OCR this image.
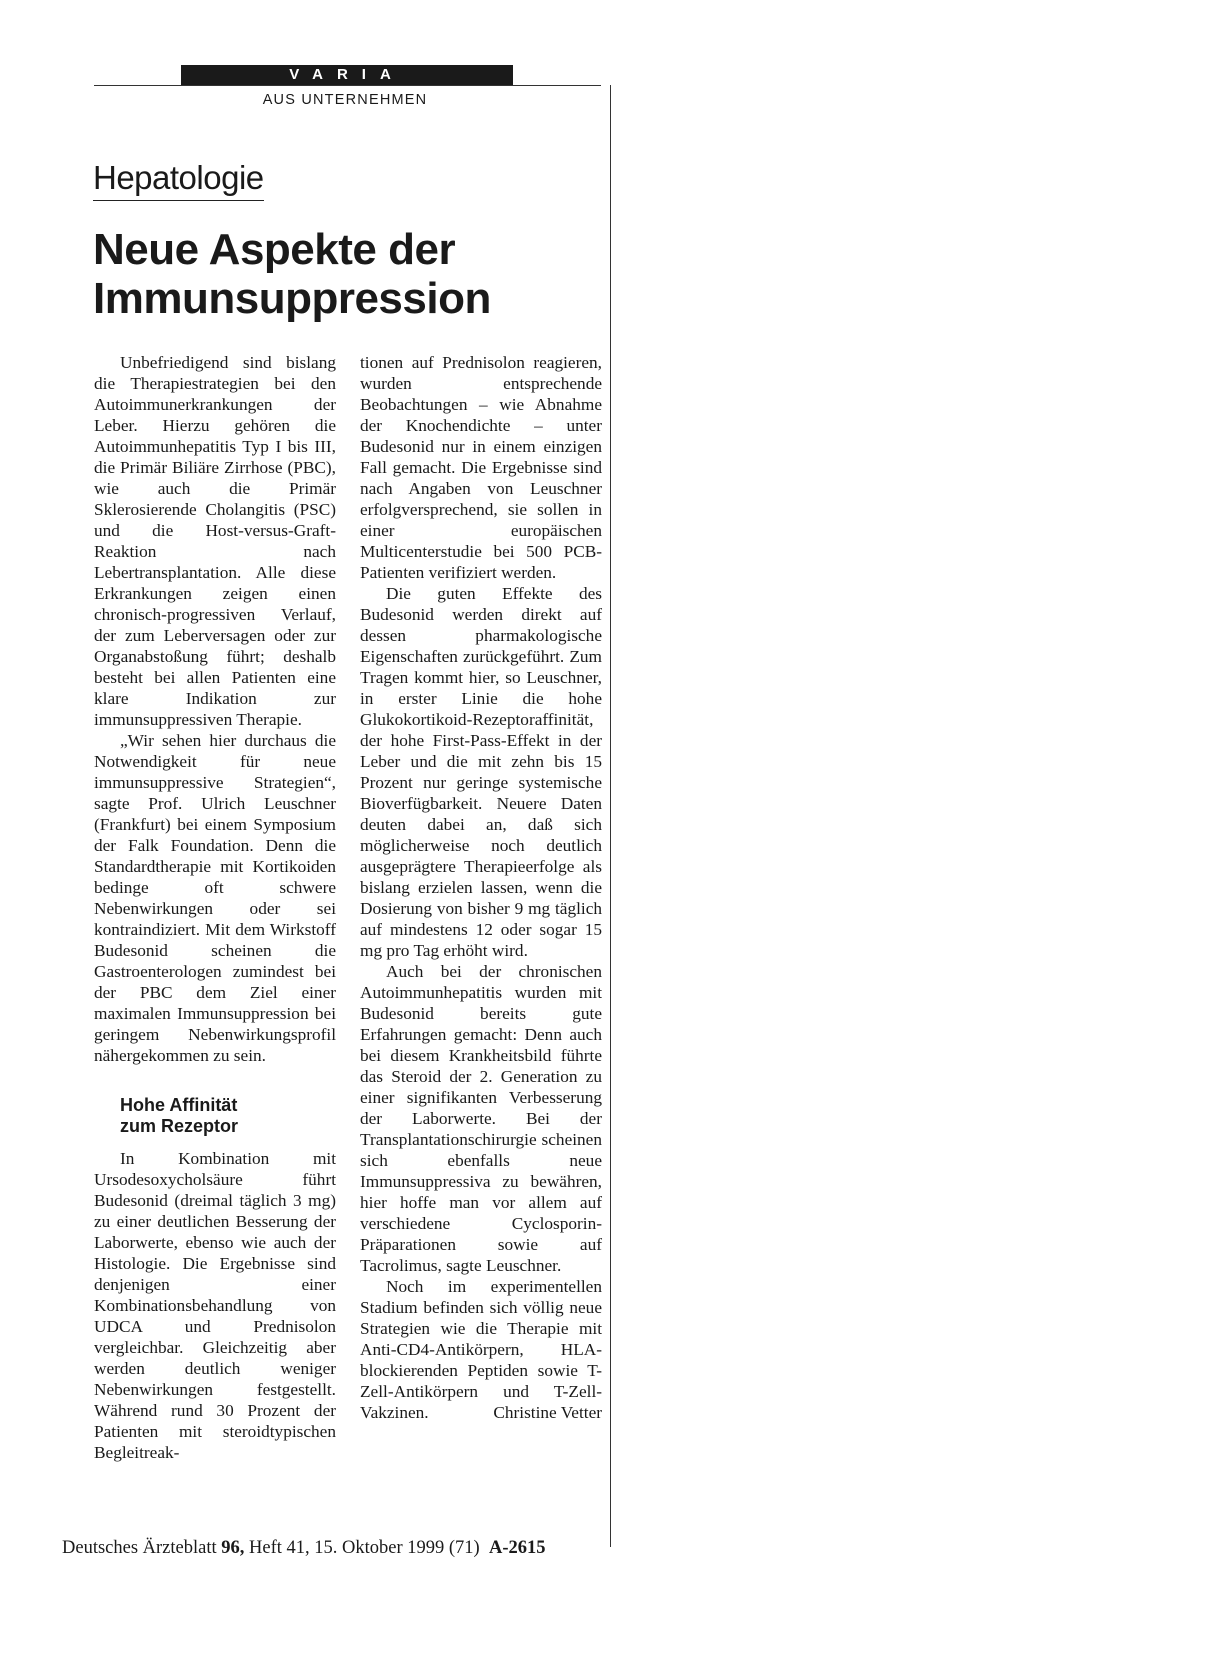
VARIA
AUS UNTERNEHMEN
Hepatologie
Neue Aspekte der
Immunsuppression

Unbefriedigend sind bislang die Therapiestrategien bei den Autoimmunerkrankungen der Leber. Hierzu gehören die Autoimmunhepatitis Typ I bis III, die Primär Biliäre Zirrhose (PBC), wie auch die Primär Sklerosierende Cholangitis (PSC) und die Host-versus-Graft-Reaktion nach Lebertransplantation. Alle diese Erkrankungen zeigen einen chronisch-progressiven Verlauf, der zum Leberversagen oder zur Organabstoßung führt; deshalb besteht bei allen Patienten eine klare Indikation zur immunsuppressiven Therapie.

„Wir sehen hier durchaus die Notwendigkeit für neue immunsuppressive Strategien“, sagte Prof. Ulrich Leuschner (Frankfurt) bei einem Symposium der Falk Foundation. Denn die Standardtherapie mit Kortikoiden bedinge oft schwere Nebenwirkungen oder sei kontraindiziert. Mit dem Wirkstoff Budesonid scheinen die Gastroenterologen zumindest bei der PBC dem Ziel einer maximalen Immunsuppression bei geringem Nebenwirkungsprofil nähergekommen zu sein.

Hohe Affinität
zum Rezeptor

In Kombination mit Ursodesoxycholsäure führt Budesonid (dreimal täglich 3 mg) zu einer deutlichen Besserung der Laborwerte, ebenso wie auch der Histologie. Die Ergebnisse sind denjenigen einer Kombinationsbehandlung von UDCA und Prednisolon vergleichbar. Gleichzeitig aber werden deutlich weniger Nebenwirkungen festgestellt. Während rund 30 Prozent der Patienten mit steroidtypischen Begleitreak-

tionen auf Prednisolon reagieren, wurden entsprechende Beobachtungen – wie Abnahme der Knochendichte – unter Budesonid nur in einem einzigen Fall gemacht. Die Ergebnisse sind nach Angaben von Leuschner erfolgversprechend, sie sollen in einer europäischen Multicenterstudie bei 500 PCB-Patienten verifiziert werden.

Die guten Effekte des Budesonid werden direkt auf dessen pharmakologische Eigenschaften zurückgeführt. Zum Tragen kommt hier, so Leuschner, in erster Linie die hohe Glukokortikoid-Rezeptoraffinität, der hohe First-Pass-Effekt in der Leber und die mit zehn bis 15 Prozent nur geringe systemische Bioverfügbarkeit. Neuere Daten deuten dabei an, daß sich möglicherweise noch deutlich ausgeprägtere Therapieerfolge als bislang erzielen lassen, wenn die Dosierung von bisher 9 mg täglich auf mindestens 12 oder sogar 15 mg pro Tag erhöht wird.

Auch bei der chronischen Autoimmunhepatitis wurden mit Budesonid bereits gute Erfahrungen gemacht: Denn auch bei diesem Krankheitsbild führte das Steroid der 2. Generation zu einer signifikanten Verbesserung der Laborwerte. Bei der Transplantationschirurgie scheinen sich ebenfalls neue Immunsuppressiva zu bewähren, hier hoffe man vor allem auf verschiedene Cyclosporin-Präparationen sowie auf Tacrolimus, sagte Leuschner.

Noch im experimentellen Stadium befinden sich völlig neue Strategien wie die Therapie mit Anti-CD4-Antikörpern, HLA-blockierenden Peptiden sowie T-Zell-Antikörpern und T-Zell-Vakzinen.	Christine Vetter

Deutsches Ärzteblatt 96, Heft 41, 15. Oktober 1999 (71) A-2615
